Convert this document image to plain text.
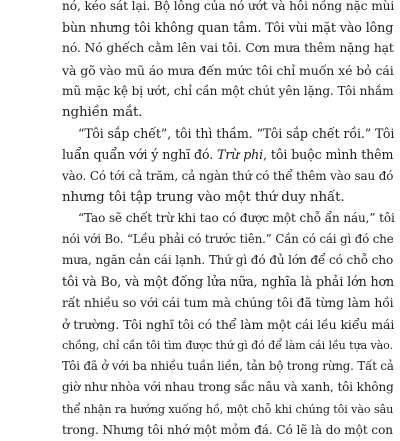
nó, kéo sát lại. Bộ lông của nó ướt và hôi nồng nặc mùi
bùn nhưng tôi không quan tâm. Tôi vùi mặt vào lông
nó. Nó ghếch cằm lên vai tôi. Cơn mưa thêm nặng hạt
và gõ vào mũ áo mưa đến mức tôi chỉ muốn xé bỏ cái
mũ mặc kệ bị ướt, chỉ cần một chút yên lặng. Tôi nhắm
nghiền mắt.
“Tôi sắp chết”, tôi thì thầm. “Tôi sắp chết rồi.” Tôi
luẩn quẩn với ý nghĩ đó. Trừ phi, tôi buộc mình thêm
vào. Có tới cả trăm, cả ngàn thứ có thể thêm vào sau đó
nhưng tôi tập trung vào một thứ duy nhất.
“Tao sẽ chết trừ khi tao có được một chỗ ẩn náu,” tôi
nói với Bo. “Lều phải có trước tiên.” Cần có cái gì đó che
mưa, ngăn cản cái lạnh. Thứ gì đó đủ lớn để có chỗ cho
tôi và Bo, và một đống lửa nữa, nghĩa là phải lớn hơn
rất nhiều so với cái tum mà chúng tôi đã từng làm hồi
ở trường. Tôi nghĩ tôi có thể làm một cái lều kiểu mái
chồng, chỉ cần tôi tìm được thứ gì đó để làm cái lều tựa vào.
Tôi đã ở với ba nhiều tuần liền, tản bộ trong rừng. Tất cả
giờ như nhòa với nhau trong sắc nâu và xanh, tôi không
thể nhận ra hướng xuống hồ, một chỗ khi chúng tôi vào sâu
trong. Nhưng tôi nhớ một mỏm đá. Có lẽ là do một con
